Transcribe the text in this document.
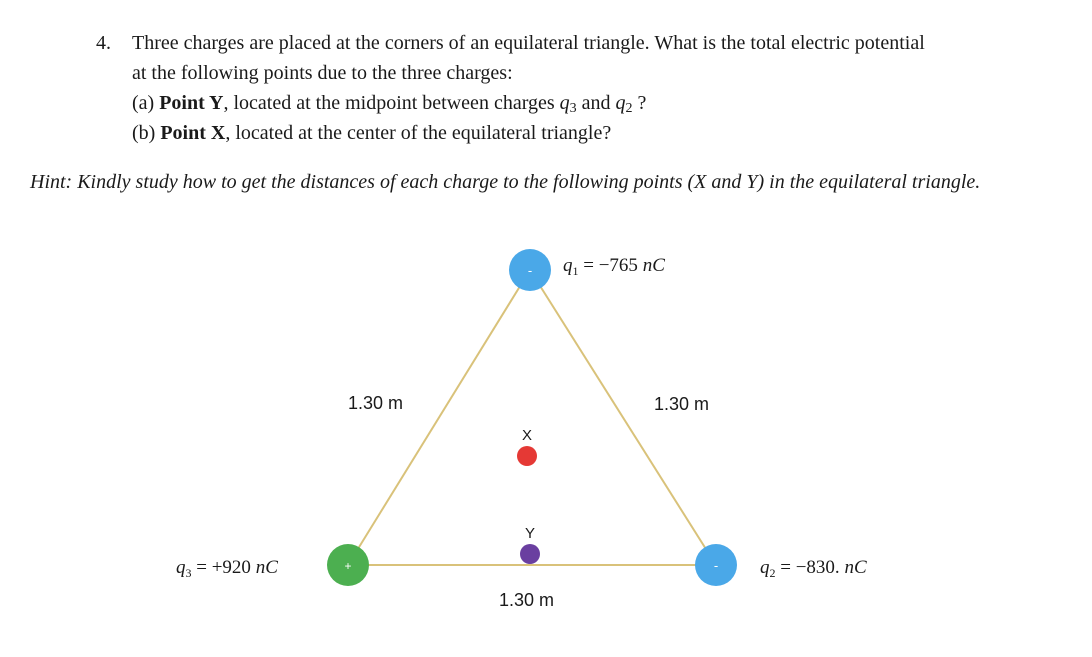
4. Three charges are placed at the corners of an equilateral triangle. What is the total electric potential
at the following points due to the three charges:
(a) Point Y, located at the midpoint between charges $q_3$ and $q_2$ ?
(b) Point X, located at the center of the equilateral triangle?
Hint: Kindly study how to get the distances of each charge to the following points (X and Y) in the equilateral triangle.
-
-
+
X
Y
1.30 m	1.30 m
1.30 m
$q_1 = -765$ nC
$q_3 = +920$ nC	$q_2 = -830$. nC
